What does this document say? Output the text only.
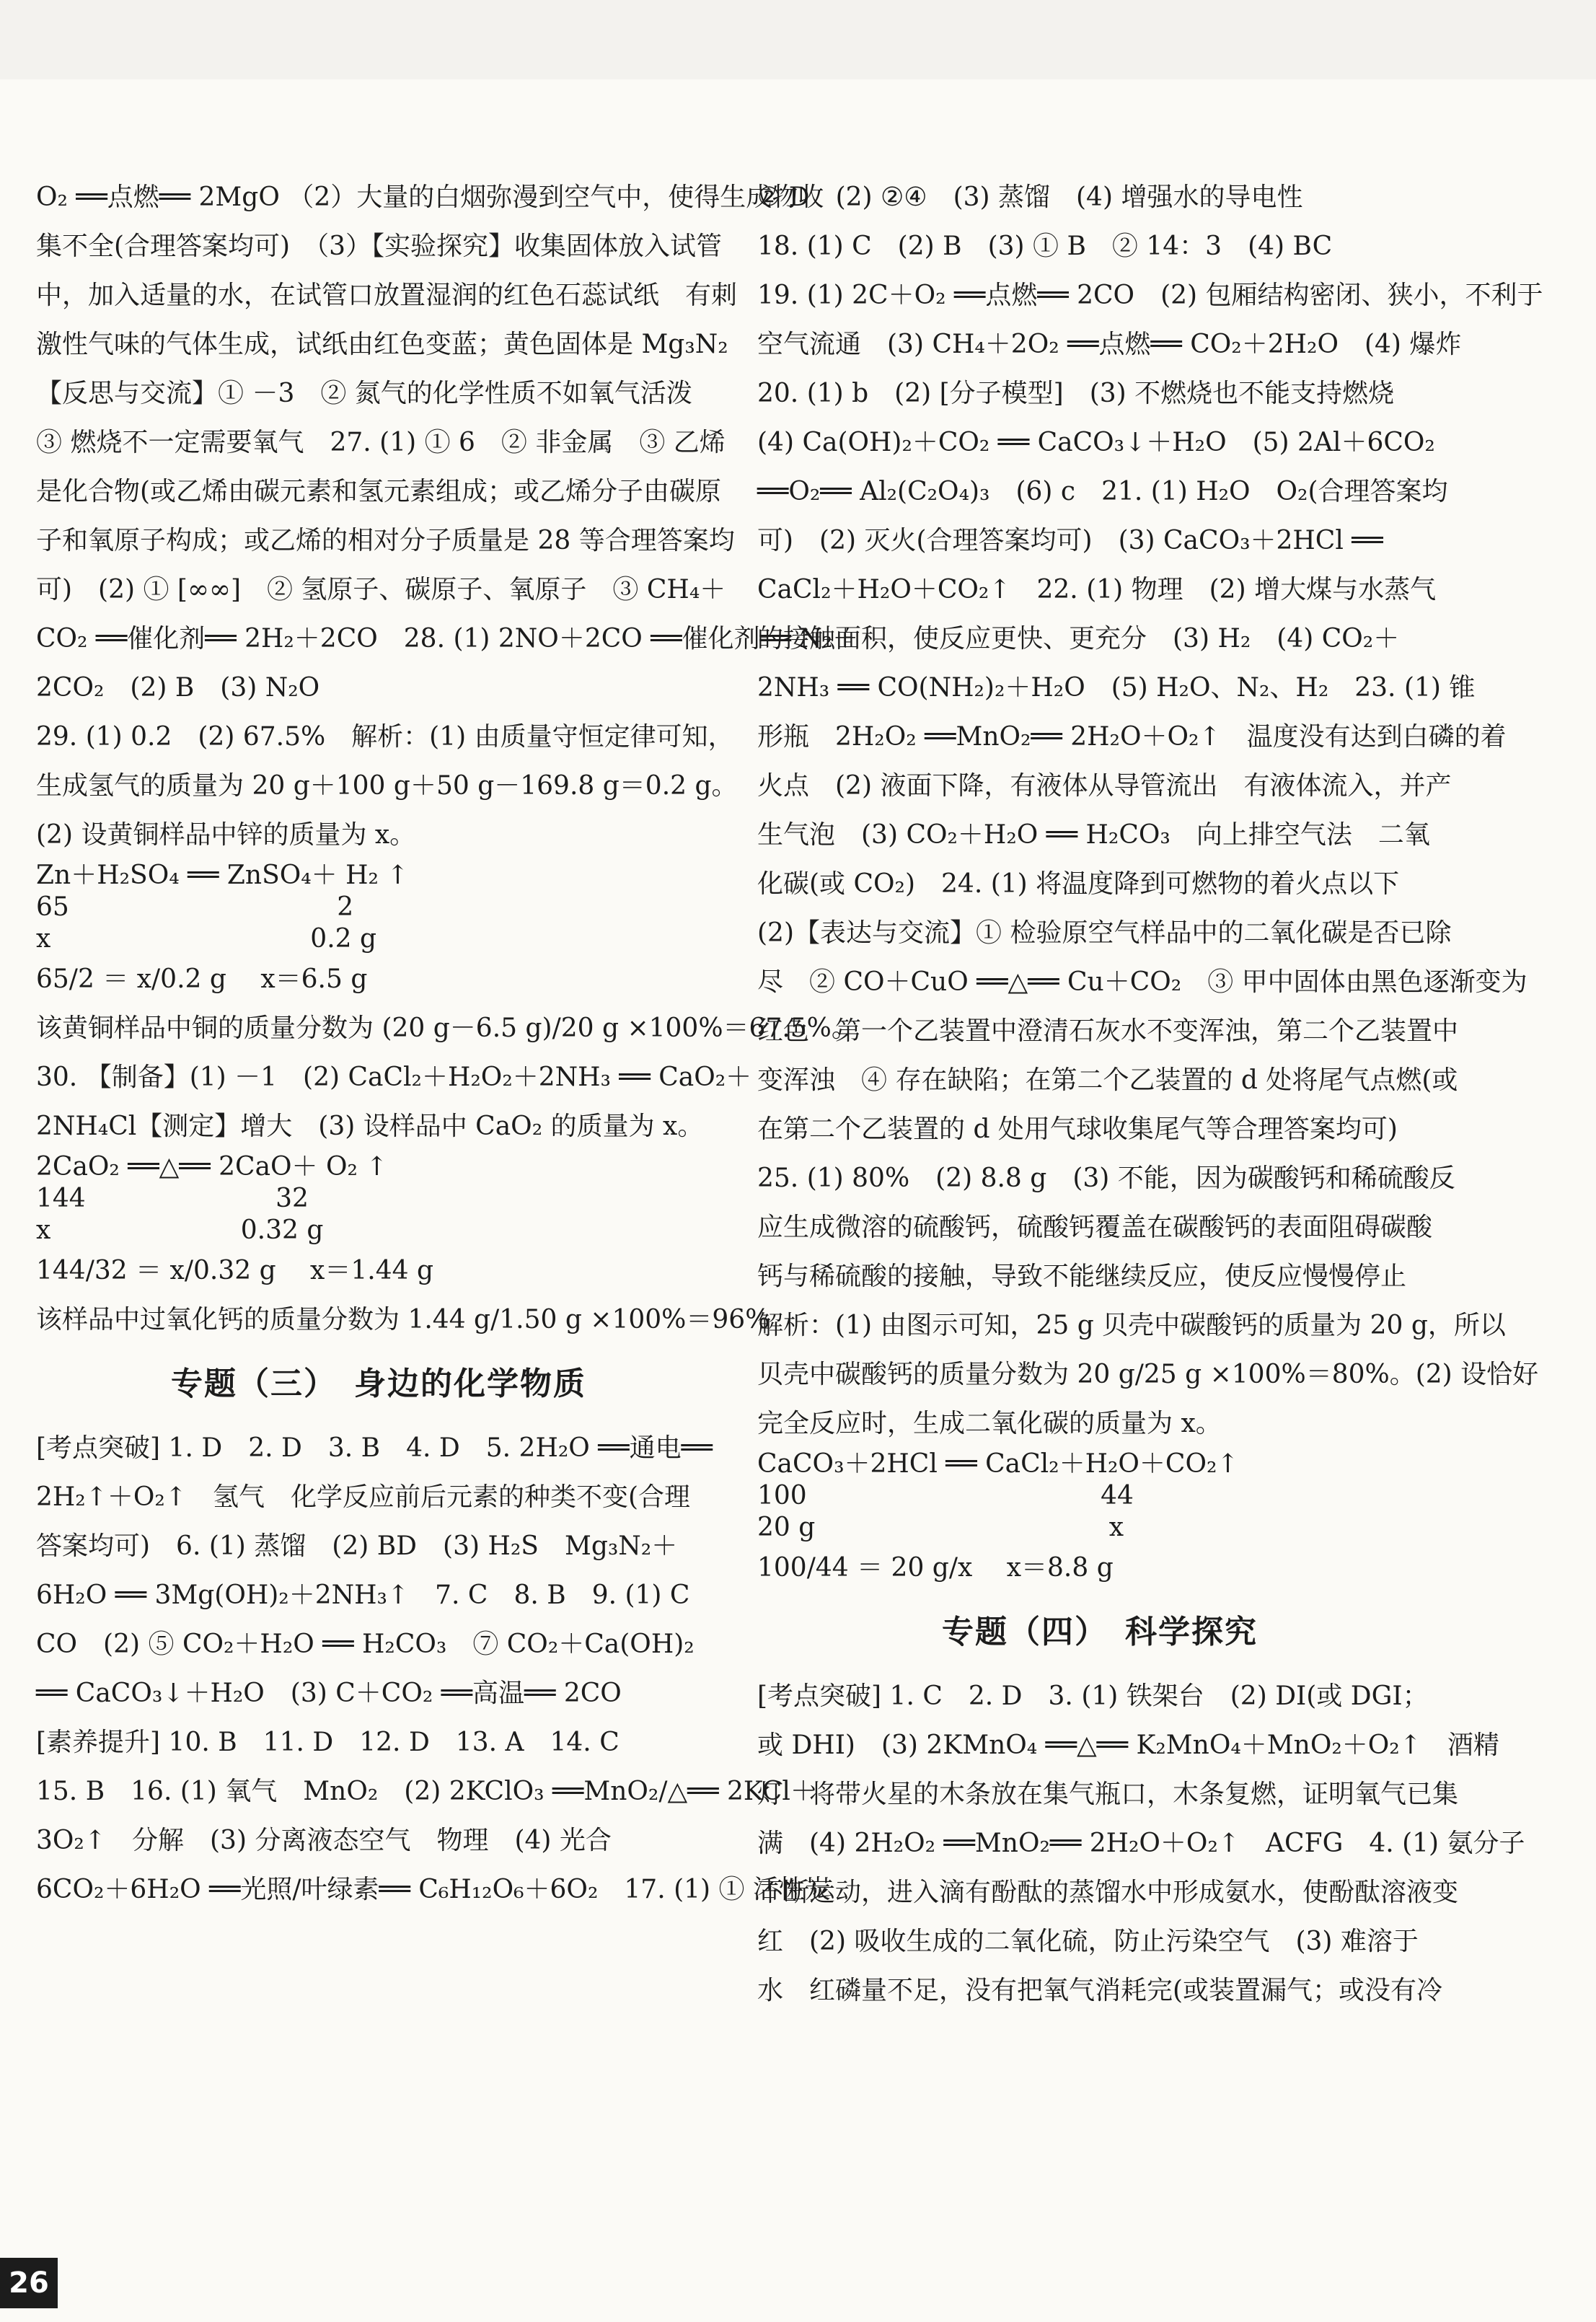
O₂ ══点燃══ 2MgO （2）大量的白烟弥漫到空气中，使得生成物收
集不全(合理答案均可)　（3）【实验探究】收集固体放入试管
中，加入适量的水，在试管口放置湿润的红色石蕊试纸　有刺
激性气味的气体生成，试纸由红色变蓝；黄色固体是 Mg₃N₂
【反思与交流】① －3　② 氮气的化学性质不如氧气活泼
③ 燃烧不一定需要氧气　27. (1) ① 6　② 非金属　③ 乙烯
是化合物(或乙烯由碳元素和氢元素组成；或乙烯分子由碳原
子和氧原子构成；或乙烯的相对分子质量是 28 等合理答案均
可)　(2) ① [∞∞]　② 氢原子、碳原子、氧原子　③ CH₄＋
CO₂ ══催化剂══ 2H₂＋2CO　28. (1) 2NO＋2CO ══催化剂══ N₂＋
2CO₂　(2) B　(3) N₂O
29. (1) 0.2　(2) 67.5%　解析：(1) 由质量守恒定律可知，
生成氢气的质量为 20 g＋100 g＋50 g－169.8 g＝0.2 g。
(2) 设黄铜样品中锌的质量为 x。
Zn＋H₂SO₄ ══ ZnSO₄＋ H₂ ↑
65　　　　　　　　　　 2
x　　　　　　　　　　0.2 g
65/2 ＝ x/0.2 g　 x＝6.5 g
该黄铜样品中铜的质量分数为 (20 g－6.5 g)/20 g ×100%＝67.5%。
30. 【制备】(1) －1　(2) CaCl₂＋H₂O₂＋2NH₃ ══ CaO₂＋
2NH₄Cl【测定】增大　(3) 设样品中 CaO₂ 的质量为 x。
2CaO₂ ══△══ 2CaO＋ O₂ ↑
144　　　　　　　 32
x　　　　　　　 0.32 g
144/32 ＝ x/0.32 g　 x＝1.44 g
该样品中过氧化钙的质量分数为 1.44 g/1.50 g ×100%＝96%
专题（三）　身边的化学物质
[考点突破] 1. D　2. D　3. B　4. D　5. 2H₂O ══通电══
2H₂↑＋O₂↑　氢气　化学反应前后元素的种类不变(合理
答案均可)　6. (1) 蒸馏　(2) BD　(3) H₂S　Mg₃N₂＋
6H₂O ══ 3Mg(OH)₂＋2NH₃↑　7. C　8. B　9. (1) C
CO　(2) ⑤ CO₂＋H₂O ══ H₂CO₃　⑦ CO₂＋Ca(OH)₂
══ CaCO₃↓＋H₂O　(3) C＋CO₂ ══高温══ 2CO
[素养提升] 10. B　11. D　12. D　13. A　14. C
15. B　16. (1) 氧气　MnO₂　(2) 2KClO₃ ══MnO₂/△══ 2KCl＋
3O₂↑　分解　(3) 分离液态空气　物理　(4) 光合
6CO₂＋6H₂O ══光照/叶绿素══ C₆H₁₂O₆＋6O₂　17. (1) ① 活性炭
② D　(2) ②④　(3) 蒸馏　(4) 增强水的导电性
18. (1) C　(2) B　(3) ① B　② 14：3　(4) BC
19. (1) 2C＋O₂ ══点燃══ 2CO　(2) 包厢结构密闭、狭小，不利于
空气流通　(3) CH₄＋2O₂ ══点燃══ CO₂＋2H₂O　(4) 爆炸
20. (1) b　(2) [分子模型]　(3) 不燃烧也不能支持燃烧
(4) Ca(OH)₂＋CO₂ ══ CaCO₃↓＋H₂O　(5) 2Al＋6CO₂
══O₂══ Al₂(C₂O₄)₃　(6) c　21. (1) H₂O　O₂(合理答案均
可)　(2) 灭火(合理答案均可)　(3) CaCO₃＋2HCl ══
CaCl₂＋H₂O＋CO₂↑　22. (1) 物理　(2) 增大煤与水蒸气
的接触面积，使反应更快、更充分　(3) H₂　(4) CO₂＋
2NH₃ ══ CO(NH₂)₂＋H₂O　(5) H₂O、N₂、H₂　23. (1) 锥
形瓶　2H₂O₂ ══MnO₂══ 2H₂O＋O₂↑　温度没有达到白磷的着
火点　(2) 液面下降，有液体从导管流出　有液体流入，并产
生气泡　(3) CO₂＋H₂O ══ H₂CO₃　向上排空气法　二氧
化碳(或 CO₂)　24. (1) 将温度降到可燃物的着火点以下
(2)【表达与交流】① 检验原空气样品中的二氧化碳是否已除
尽　② CO＋CuO ══△══ Cu＋CO₂　③ 甲中固体由黑色逐渐变为
红色　第一个乙装置中澄清石灰水不变浑浊，第二个乙装置中
变浑浊　④ 存在缺陷；在第二个乙装置的 d 处将尾气点燃(或
在第二个乙装置的 d 处用气球收集尾气等合理答案均可)
25. (1) 80%　(2) 8.8 g　(3) 不能，因为碳酸钙和稀硫酸反
应生成微溶的硫酸钙，硫酸钙覆盖在碳酸钙的表面阻碍碳酸
钙与稀硫酸的接触，导致不能继续反应，使反应慢慢停止
解析：(1) 由图示可知，25 g 贝壳中碳酸钙的质量为 20 g，所以
贝壳中碳酸钙的质量分数为 20 g/25 g ×100%＝80%。(2) 设恰好
完全反应时，生成二氧化碳的质量为 x。
CaCO₃＋2HCl ══ CaCl₂＋H₂O＋CO₂↑
100　　　　　　　　　　　 44
20 g　　　　　　　　　　　 x
100/44 ＝ 20 g/x　 x＝8.8 g
专题（四）　科学探究
[考点突破] 1. C　2. D　3. (1) 铁架台　(2) DI(或 DGI；
或 DHI)　(3) 2KMnO₄ ══△══ K₂MnO₄＋MnO₂＋O₂↑　酒精
灯　将带火星的木条放在集气瓶口，木条复燃，证明氧气已集
满　(4) 2H₂O₂ ══MnO₂══ 2H₂O＋O₂↑　ACFG　4. (1) 氨分子
不断运动，进入滴有酚酞的蒸馏水中形成氨水，使酚酞溶液变
红　(2) 吸收生成的二氧化硫，防止污染空气　(3) 难溶于
水　红磷量不足，没有把氧气消耗完(或装置漏气；或没有冷
26
